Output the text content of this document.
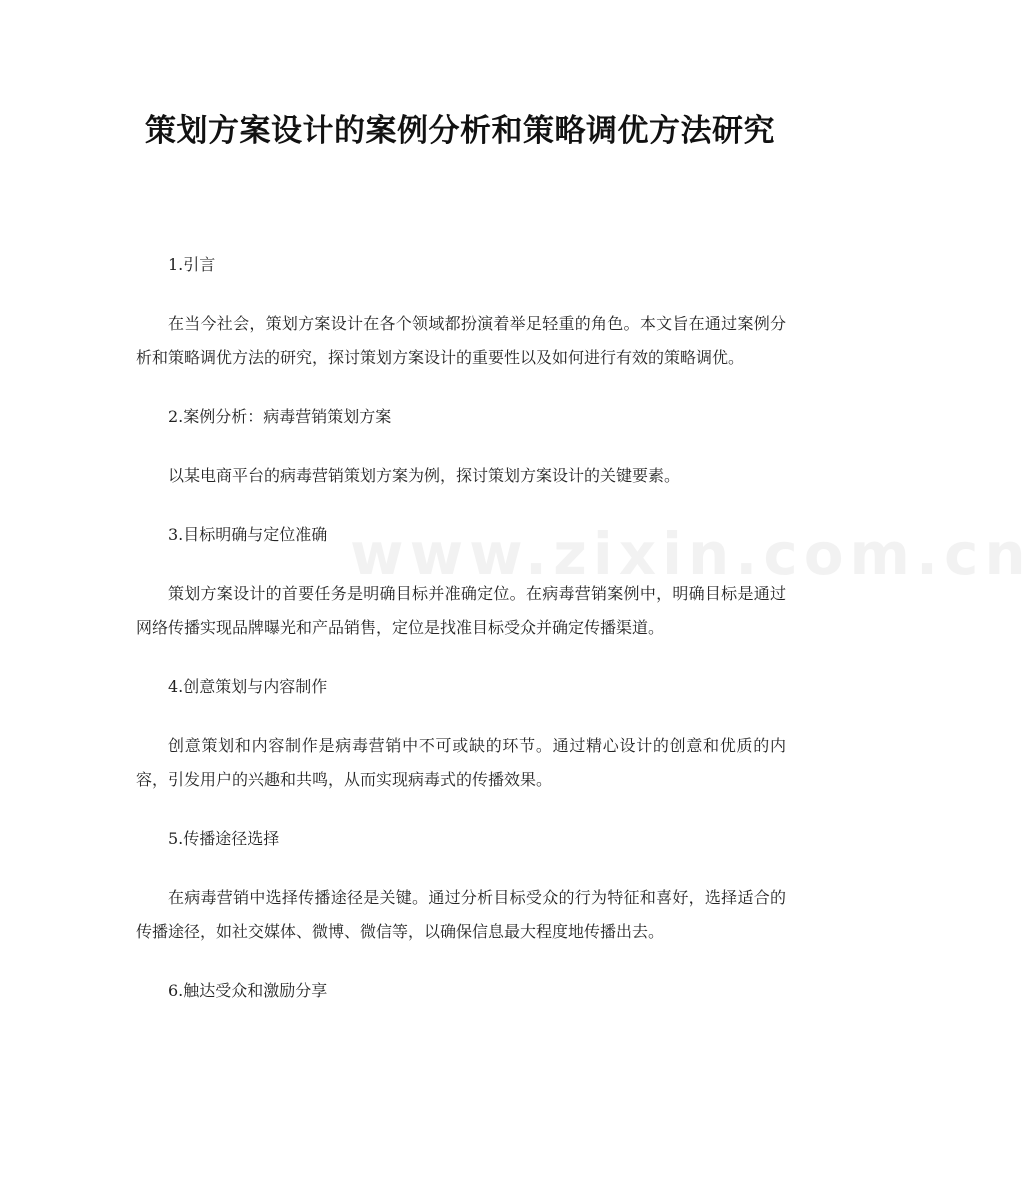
www.zixin.com.cn
策划方案设计的案例分析和策略调优方法研究

1.引言

在当今社会，策划方案设计在各个领域都扮演着举足轻重的角色。本文旨在通过案例分析和策略调优方法的研究，探讨策划方案设计的重要性以及如何进行有效的策略调优。

2.案例分析：病毒营销策划方案

以某电商平台的病毒营销策划方案为例，探讨策划方案设计的关键要素。

3.目标明确与定位准确

策划方案设计的首要任务是明确目标并准确定位。在病毒营销案例中，明确目标是通过网络传播实现品牌曝光和产品销售，定位是找准目标受众并确定传播渠道。

4.创意策划与内容制作

创意策划和内容制作是病毒营销中不可或缺的环节。通过精心设计的创意和优质的内容，引发用户的兴趣和共鸣，从而实现病毒式的传播效果。

5.传播途径选择

在病毒营销中选择传播途径是关键。通过分析目标受众的行为特征和喜好，选择适合的传播途径，如社交媒体、微博、微信等，以确保信息最大程度地传播出去。

6.触达受众和激励分享
